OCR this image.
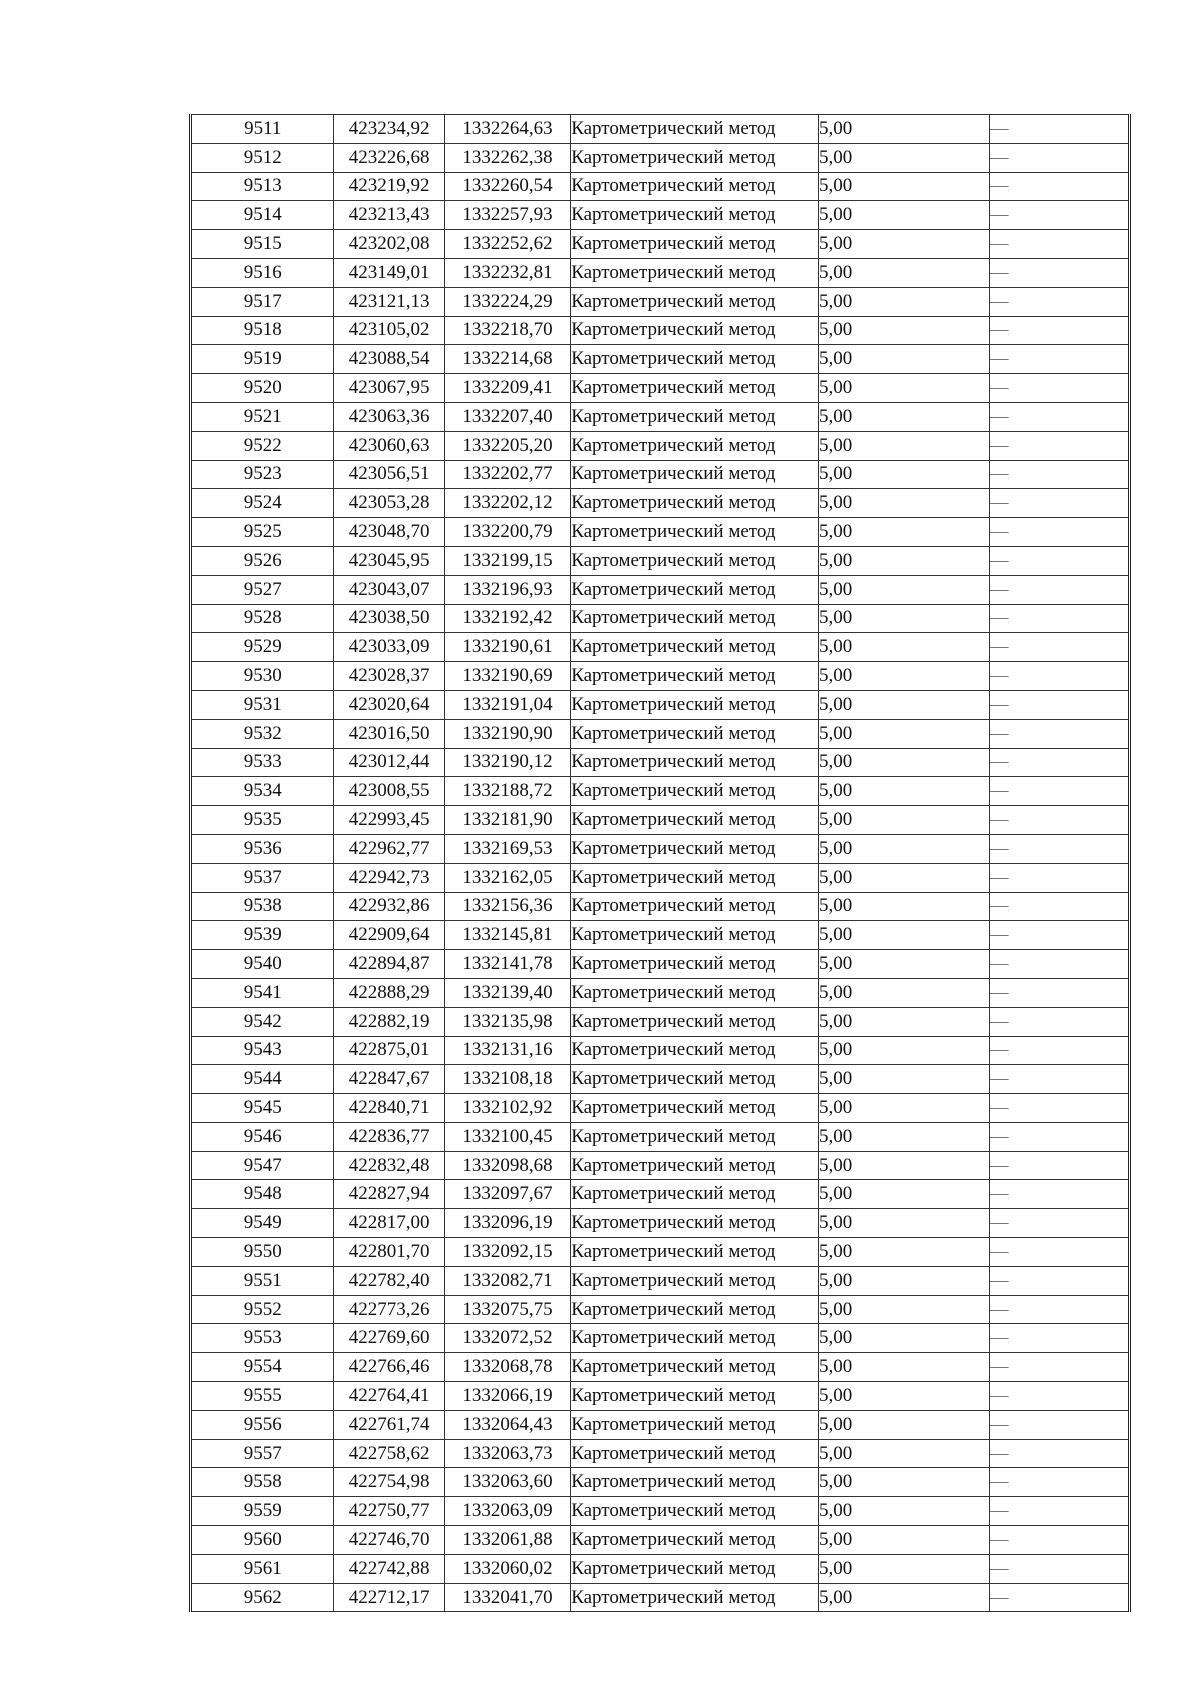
9511	423234,92	1332264,63	Картометрический метод	5,00	—
9512	423226,68	1332262,38	Картометрический метод	5,00	—
9513	423219,92	1332260,54	Картометрический метод	5,00	—
9514	423213,43	1332257,93	Картометрический метод	5,00	—
9515	423202,08	1332252,62	Картометрический метод	5,00	—
9516	423149,01	1332232,81	Картометрический метод	5,00	—
9517	423121,13	1332224,29	Картометрический метод	5,00	—
9518	423105,02	1332218,70	Картометрический метод	5,00	—
9519	423088,54	1332214,68	Картометрический метод	5,00	—
9520	423067,95	1332209,41	Картометрический метод	5,00	—
9521	423063,36	1332207,40	Картометрический метод	5,00	—
9522	423060,63	1332205,20	Картометрический метод	5,00	—
9523	423056,51	1332202,77	Картометрический метод	5,00	—
9524	423053,28	1332202,12	Картометрический метод	5,00	—
9525	423048,70	1332200,79	Картометрический метод	5,00	—
9526	423045,95	1332199,15	Картометрический метод	5,00	—
9527	423043,07	1332196,93	Картометрический метод	5,00	—
9528	423038,50	1332192,42	Картометрический метод	5,00	—
9529	423033,09	1332190,61	Картометрический метод	5,00	—
9530	423028,37	1332190,69	Картометрический метод	5,00	—
9531	423020,64	1332191,04	Картометрический метод	5,00	—
9532	423016,50	1332190,90	Картометрический метод	5,00	—
9533	423012,44	1332190,12	Картометрический метод	5,00	—
9534	423008,55	1332188,72	Картометрический метод	5,00	—
9535	422993,45	1332181,90	Картометрический метод	5,00	—
9536	422962,77	1332169,53	Картометрический метод	5,00	—
9537	422942,73	1332162,05	Картометрический метод	5,00	—
9538	422932,86	1332156,36	Картометрический метод	5,00	—
9539	422909,64	1332145,81	Картометрический метод	5,00	—
9540	422894,87	1332141,78	Картометрический метод	5,00	—
9541	422888,29	1332139,40	Картометрический метод	5,00	—
9542	422882,19	1332135,98	Картометрический метод	5,00	—
9543	422875,01	1332131,16	Картометрический метод	5,00	—
9544	422847,67	1332108,18	Картометрический метод	5,00	—
9545	422840,71	1332102,92	Картометрический метод	5,00	—
9546	422836,77	1332100,45	Картометрический метод	5,00	—
9547	422832,48	1332098,68	Картометрический метод	5,00	—
9548	422827,94	1332097,67	Картометрический метод	5,00	—
9549	422817,00	1332096,19	Картометрический метод	5,00	—
9550	422801,70	1332092,15	Картометрический метод	5,00	—
9551	422782,40	1332082,71	Картометрический метод	5,00	—
9552	422773,26	1332075,75	Картометрический метод	5,00	—
9553	422769,60	1332072,52	Картометрический метод	5,00	—
9554	422766,46	1332068,78	Картометрический метод	5,00	—
9555	422764,41	1332066,19	Картометрический метод	5,00	—
9556	422761,74	1332064,43	Картометрический метод	5,00	—
9557	422758,62	1332063,73	Картометрический метод	5,00	—
9558	422754,98	1332063,60	Картометрический метод	5,00	—
9559	422750,77	1332063,09	Картометрический метод	5,00	—
9560	422746,70	1332061,88	Картометрический метод	5,00	—
9561	422742,88	1332060,02	Картометрический метод	5,00	—
9562	422712,17	1332041,70	Картометрический метод	5,00	—
